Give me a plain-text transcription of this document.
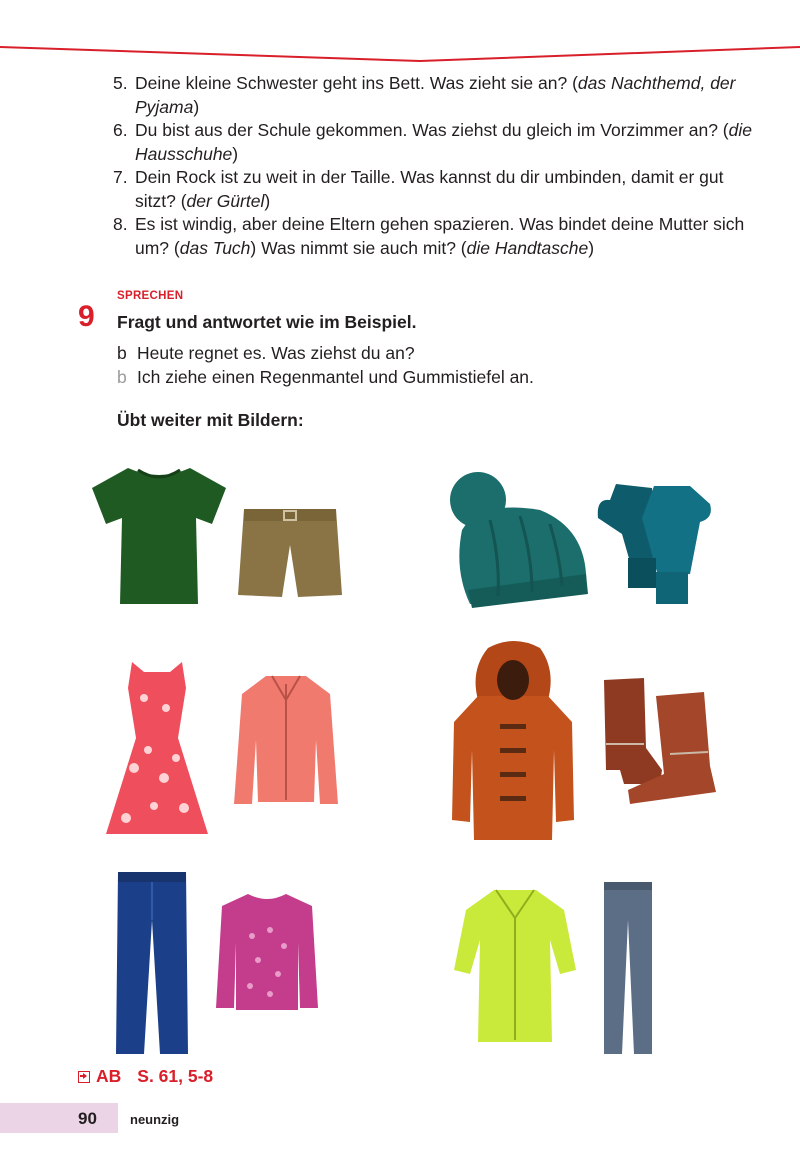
5. Deine kleine Schwester geht ins Bett. Was zieht sie an? (das Nachthemd, der Pyjama)
6. Du bist aus der Schule gekommen. Was ziehst du gleich im Vorzimmer an? (die Hausschuhe)
7. Dein Rock ist zu weit in der Taille. Was kannst du dir umbinden, damit er gut sitzt? (der Gürtel)
8. Es ist windig, aber deine Eltern gehen spazieren. Was bindet deine Mutter sich um? (das Tuch) Was nimmt sie auch mit? (die Handtasche)
SPRECHEN
9 Fragt und antwortet wie im Beispiel.
b Heute regnet es. Was ziehst du an?
b Ich ziehe einen Regenmantel und Gummistiefel an.
Übt weiter mit Bildern:
AB S. 61, 5-8
90	neunzig
